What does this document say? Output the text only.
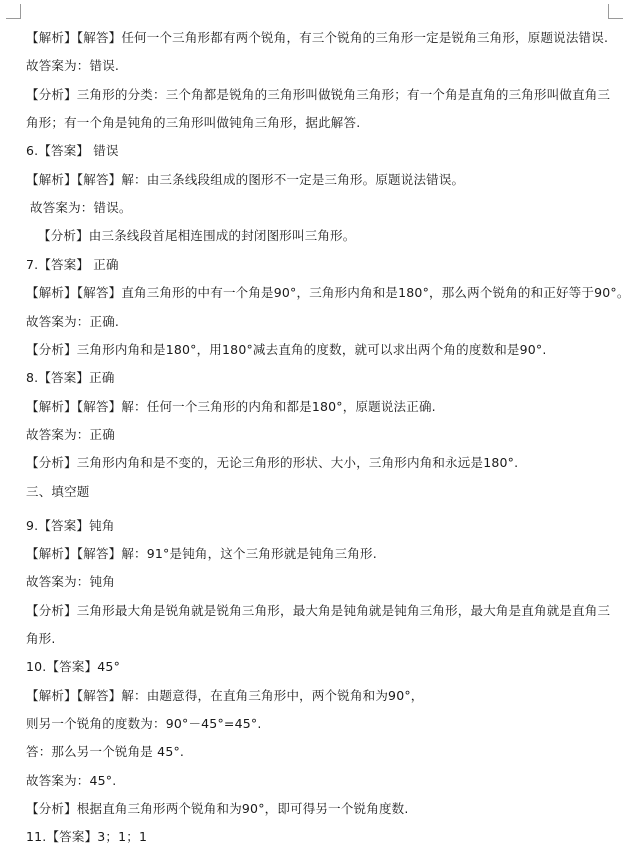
【解析】【解答】任何一个三角形都有两个锐角，有三个锐角的三角形一定是锐角三角形，原题说法错误.
故答案为：错误.
【分析】三角形的分类：三个角都是锐角的三角形叫做锐角三角形；有一个角是直角的三角形叫做直角三
角形；有一个角是钝角的三角形叫做钝角三角形，据此解答.
6.【答案】 错误
【解析】【解答】解：由三条线段组成的图形不一定是三角形。原题说法错误。
故答案为：错误。
【分析】由三条线段首尾相连围成的封闭图形叫三角形。
7.【答案】 正确
【解析】【解答】直角三角形的中有一个角是90°，三角形内角和是180°，那么两个锐角的和正好等于90°。
故答案为：正确.
【分析】三角形内角和是180°，用180°减去直角的度数，就可以求出两个角的度数和是90°.
8.【答案】正确
【解析】【解答】解：任何一个三角形的内角和都是180°，原题说法正确.
故答案为：正确
【分析】三角形内角和是不变的，无论三角形的形状、大小，三角形内角和永远是180°.
三、填空题
9.【答案】钝角
【解析】【解答】解：91°是钝角，这个三角形就是钝角三角形.
故答案为：钝角
【分析】三角形最大角是锐角就是锐角三角形，最大角是钝角就是钝角三角形，最大角是直角就是直角三
角形.
10.【答案】45°
【解析】【解答】解：由题意得，在直角三角形中，两个锐角和为90°，
则另一个锐角的度数为：90°－45°=45°.
答：那么另一个锐角是 45°.
故答案为：45°.
【分析】根据直角三角形两个锐角和为90°，即可得另一个锐角度数.
11.【答案】3；1；1
